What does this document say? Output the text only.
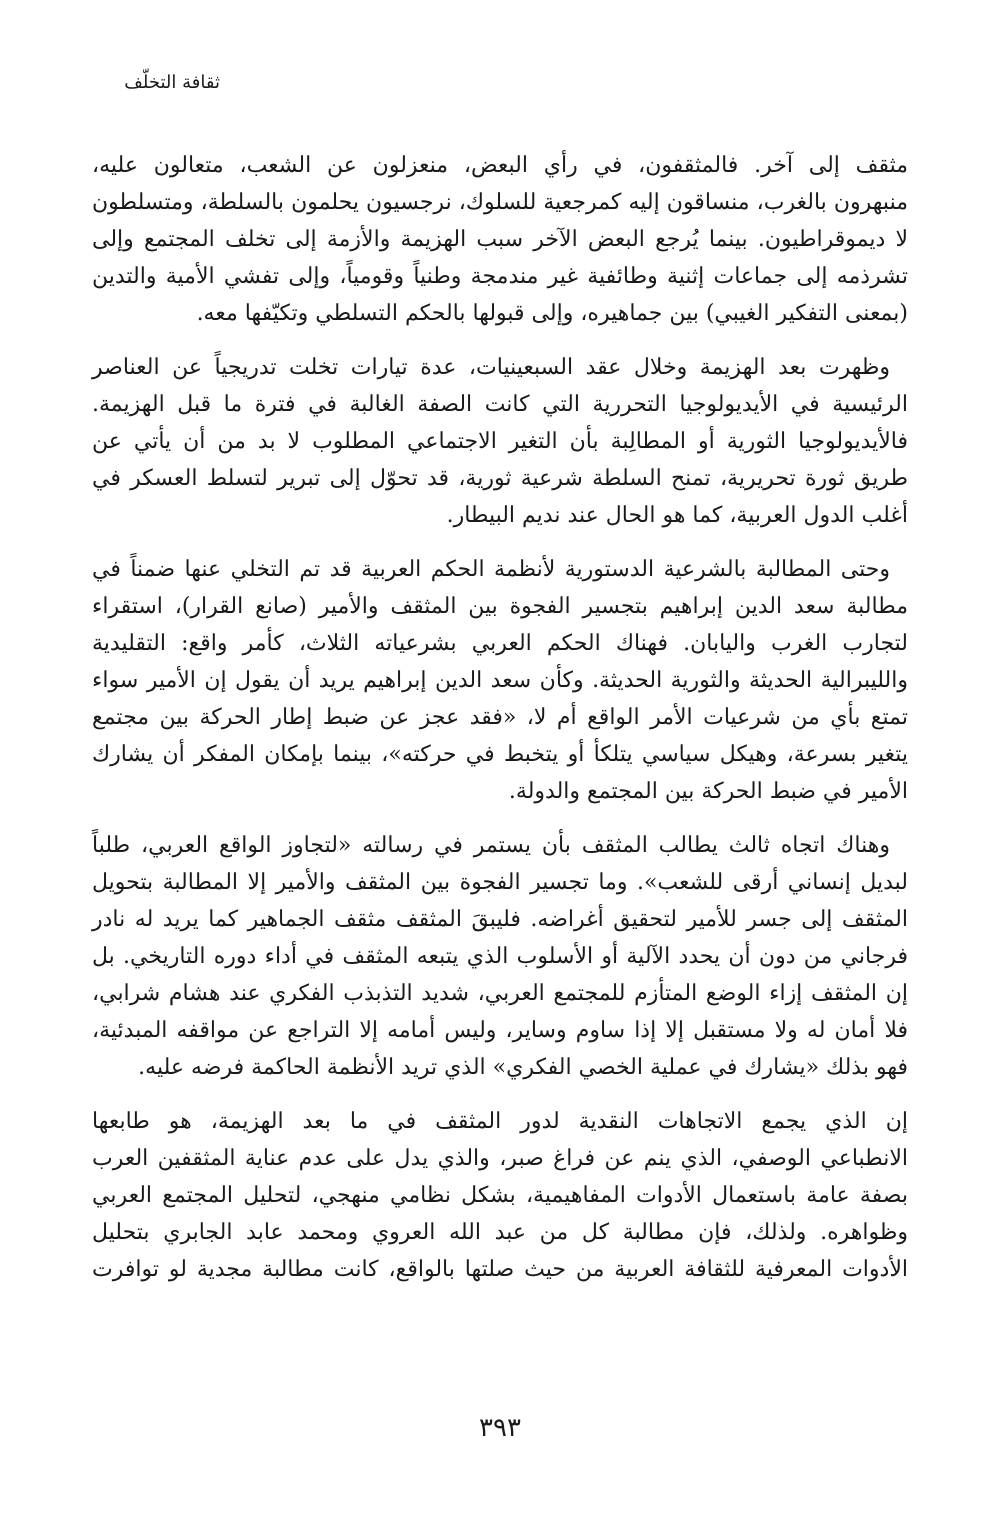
ثقافة التخلّف
مثقف إلى آخر. فالمثقفون، في رأي البعض، منعزلون عن الشعب، متعالون عليه،
منبهرون بالغرب، منساقون إليه كمرجعية للسلوك، نرجسيون يحلمون بالسلطة، ومتسلطون
لا ديموقراطيون. بينما يُرجع البعض الآخر سبب الهزيمة والأزمة إلى تخلف المجتمع وإلى
تشرذمه إلى جماعات إثنية وطائفية غير مندمجة وطنياً وقومياً، وإلى تفشي الأمية والتدين
(بمعنى التفكير الغيبي) بين جماهيره، وإلى قبولها بالحكم التسلطي وتكيّفها معه.
وظهرت بعد الهزيمة وخلال عقد السبعينيات، عدة تيارات تخلت تدريجياً عن العناصر
الرئيسية في الأيديولوجيا التحررية التي كانت الصفة الغالبة في فترة ما قبل الهزيمة.
فالأيديولوجيا الثورية أو المطالِبة بأن التغير الاجتماعي المطلوب لا بد من أن يأتي عن
طريق ثورة تحريرية، تمنح السلطة شرعية ثورية، قد تحوّل إلى تبرير لتسلط العسكر في
أغلب الدول العربية، كما هو الحال عند نديم البيطار.
وحتى المطالبة بالشرعية الدستورية لأنظمة الحكم العربية قد تم التخلي عنها ضمناً في
مطالبة سعد الدين إبراهيم بتجسير الفجوة بين المثقف والأمير (صانع القرار)، استقراء
لتجارب الغرب واليابان. فهناك الحكم العربي بشرعياته الثلاث، كأمر واقع: التقليدية
والليبرالية الحديثة والثورية الحديثة. وكأن سعد الدين إبراهيم يريد أن يقول إن الأمير سواء
تمتع بأي من شرعيات الأمر الواقع أم لا، «فقد عجز عن ضبط إطار الحركة بين مجتمع
يتغير بسرعة، وهيكل سياسي يتلكأ أو يتخبط في حركته»، بينما بإمكان المفكر أن يشارك
الأمير في ضبط الحركة بين المجتمع والدولة.
وهناك اتجاه ثالث يطالب المثقف بأن يستمر في رسالته «لتجاوز الواقع العربي، طلباً
لبديل إنساني أرقى للشعب». وما تجسير الفجوة بين المثقف والأمير إلا المطالبة بتحويل
المثقف إلى جسر للأمير لتحقيق أغراضه. فليبقَ المثقف مثقف الجماهير كما يريد له نادر
فرجاني من دون أن يحدد الآلية أو الأسلوب الذي يتبعه المثقف في أداء دوره التاريخي. بل
إن المثقف إزاء الوضع المتأزم للمجتمع العربي، شديد التذبذب الفكري عند هشام شرابي،
فلا أمان له ولا مستقبل إلا إذا ساوم وساير، وليس أمامه إلا التراجع عن مواقفه المبدئية،
فهو بذلك «يشارك في عملية الخصي الفكري» الذي تريد الأنظمة الحاكمة فرضه عليه.
إن الذي يجمع الاتجاهات النقدية لدور المثقف في ما بعد الهزيمة، هو طابعها
الانطباعي الوصفي، الذي ينم عن فراغ صبر، والذي يدل على عدم عناية المثقفين العرب
بصفة عامة باستعمال الأدوات المفاهيمية، بشكل نظامي منهجي، لتحليل المجتمع العربي
وظواهره. ولذلك، فإن مطالبة كل من عبد الله العروي ومحمد عابد الجابري بتحليل
الأدوات المعرفية للثقافة العربية من حيث صلتها بالواقع، كانت مطالبة مجدية لو توافرت
٣٩٣
